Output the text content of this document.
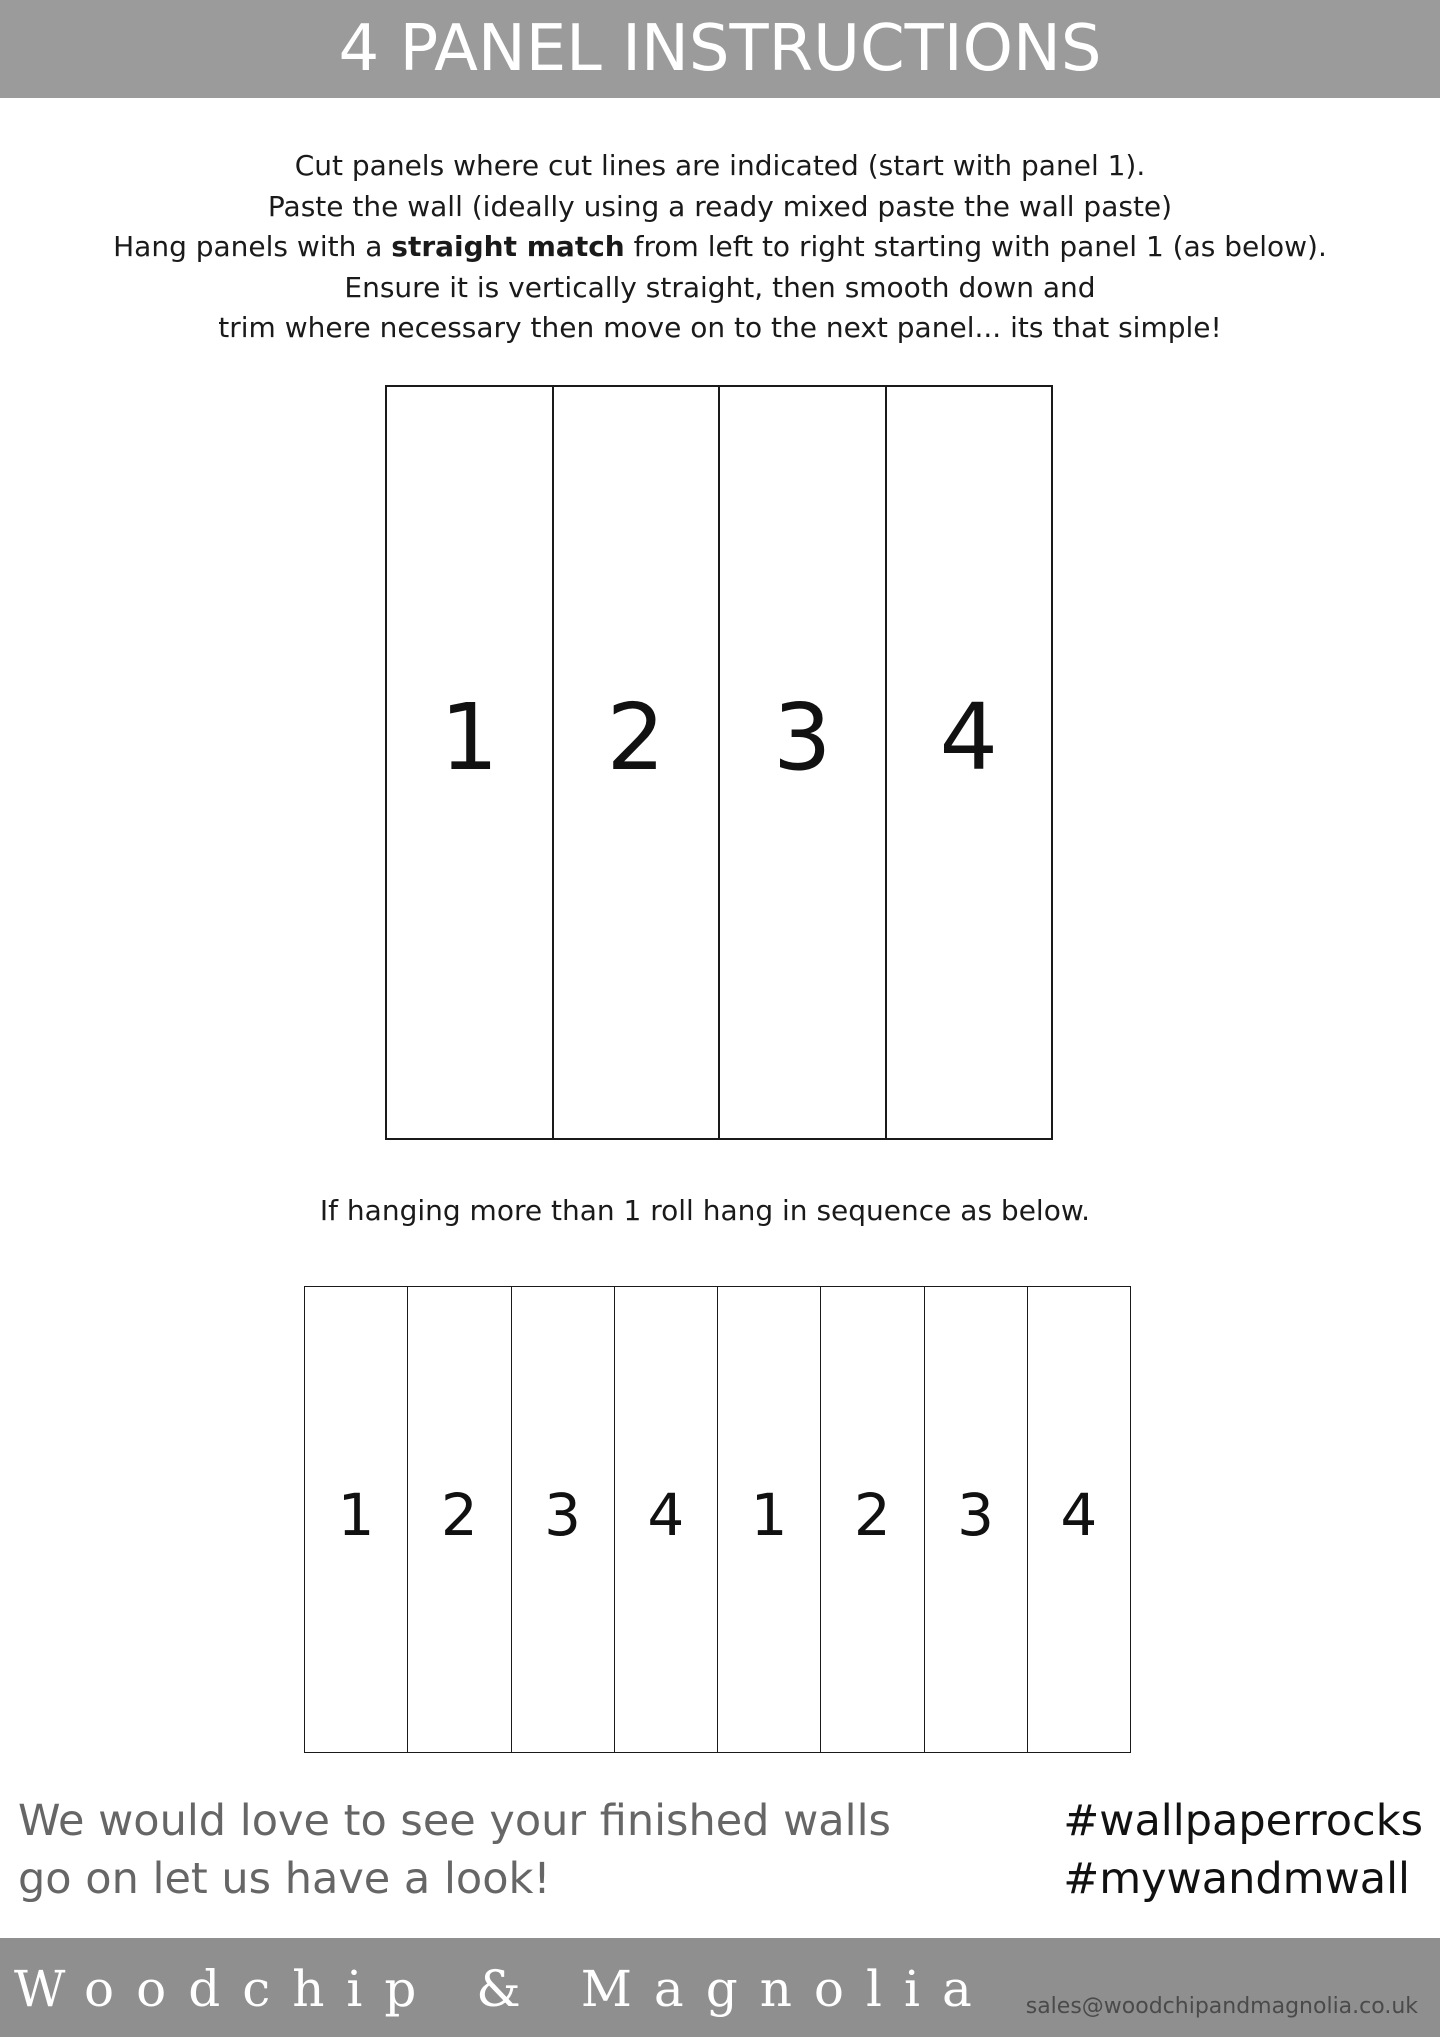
4 PANEL INSTRUCTIONS

Cut panels where cut lines are indicated (start with panel 1).

Paste the wall (ideally using a ready mixed paste the wall paste)

Hang panels with a straight match from left to right starting with panel 1 (as below).

Ensure it is vertically straight, then smooth down and

trim where necessary then move on to the next panel... its that simple!

1	2	3	4
If hanging more than 1 roll hang in sequence as below.
1	2	3	4	1	2	3	4

We would love to see your finished walls

go on let us have a look!

#wallpaperrocks

#mywandmwall

Woodchip & Magnolia sales@woodchipandmagnolia.co.uk
